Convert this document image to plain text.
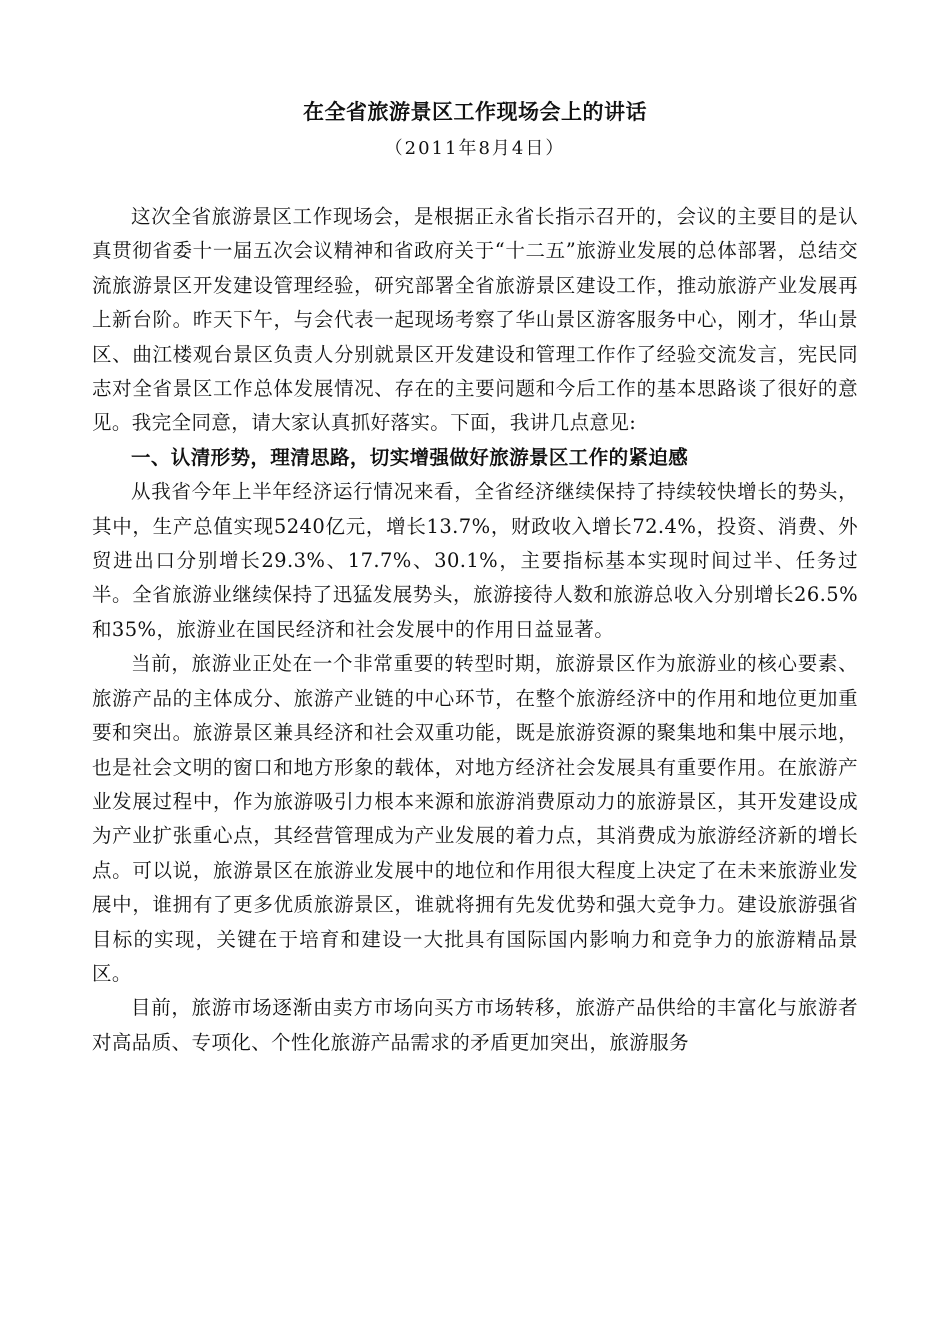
在全省旅游景区工作现场会上的讲话
（2011年8月4日）

这次全省旅游景区工作现场会，是根据正永省长指示召开的，会议的主要目的是认真贯彻省委十一届五次会议精神和省政府关于“十二五”旅游业发展的总体部署，总结交流旅游景区开发建设管理经验，研究部署全省旅游景区建设工作，推动旅游产业发展再上新台阶。昨天下午，与会代表一起现场考察了华山景区游客服务中心，刚才，华山景区、曲江楼观台景区负责人分别就景区开发建设和管理工作作了经验交流发言，宪民同志对全省景区工作总体发展情况、存在的主要问题和今后工作的基本思路谈了很好的意见。我完全同意，请大家认真抓好落实。下面，我讲几点意见:

一、认清形势，理清思路，切实增强做好旅游景区工作的紧迫感

从我省今年上半年经济运行情况来看，全省经济继续保持了持续较快增长的势头，其中，生产总值实现5240亿元，增长13.7%，财政收入增长72.4%，投资、消费、外贸进出口分别增长29.3%、17.7%、30.1%，主要指标基本实现时间过半、任务过半。全省旅游业继续保持了迅猛发展势头，旅游接待人数和旅游总收入分别增长26.5%和35%，旅游业在国民经济和社会发展中的作用日益显著。

当前，旅游业正处在一个非常重要的转型时期，旅游景区作为旅游业的核心要素、旅游产品的主体成分、旅游产业链的中心环节，在整个旅游经济中的作用和地位更加重要和突出。旅游景区兼具经济和社会双重功能，既是旅游资源的聚集地和集中展示地，也是社会文明的窗口和地方形象的载体，对地方经济社会发展具有重要作用。在旅游产业发展过程中，作为旅游吸引力根本来源和旅游消费原动力的旅游景区，其开发建设成为产业扩张重心点，其经营管理成为产业发展的着力点，其消费成为旅游经济新的增长点。可以说，旅游景区在旅游业发展中的地位和作用很大程度上决定了在未来旅游业发展中，谁拥有了更多优质旅游景区，谁就将拥有先发优势和强大竞争力。建设旅游强省目标的实现，关键在于培育和建设一大批具有国际国内影响力和竞争力的旅游精品景区。

目前，旅游市场逐渐由卖方市场向买方市场转移，旅游产品供给的丰富化与旅游者对高品质、专项化、个性化旅游产品需求的矛盾更加突出，旅游服务
